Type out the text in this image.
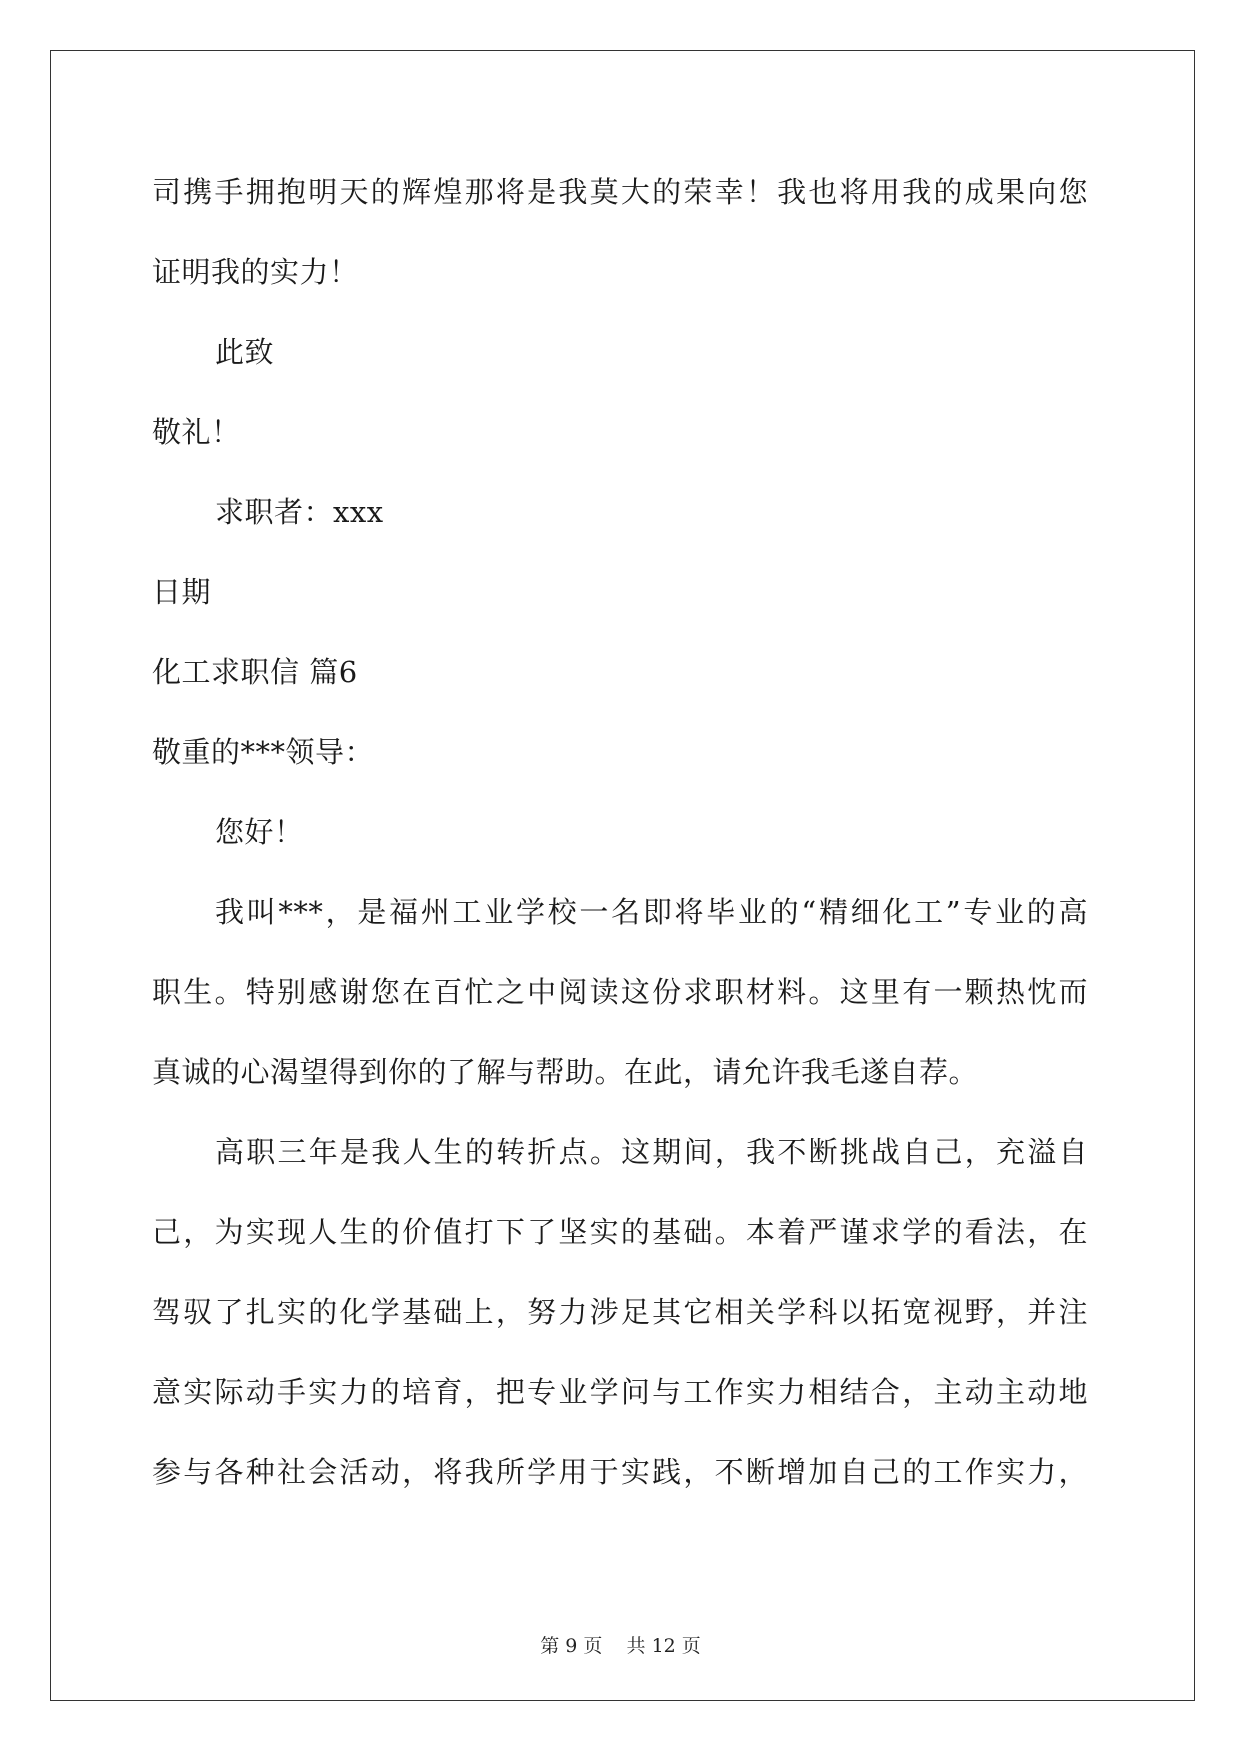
司携手拥抱明天的辉煌那将是我莫大的荣幸！我也将用我的成果向您
证明我的实力！
此致
敬礼！
求职者：xxx
日期
化工求职信 篇6
敬重的***领导：
您好！
我叫***，是福州工业学校一名即将毕业的“精细化工”专业的高
职生。特别感谢您在百忙之中阅读这份求职材料。这里有一颗热忱而
真诚的心渴望得到你的了解与帮助。在此，请允许我毛遂自荐。
高职三年是我人生的转折点。这期间，我不断挑战自己，充溢自
己，为实现人生的价值打下了坚实的基础。本着严谨求学的看法，在
驾驭了扎实的化学基础上，努力涉足其它相关学科以拓宽视野，并注
意实际动手实力的培育，把专业学问与工作实力相结合，主动主动地
参与各种社会活动，将我所学用于实践，不断增加自己的工作实力，
第 9 页 共 12 页
